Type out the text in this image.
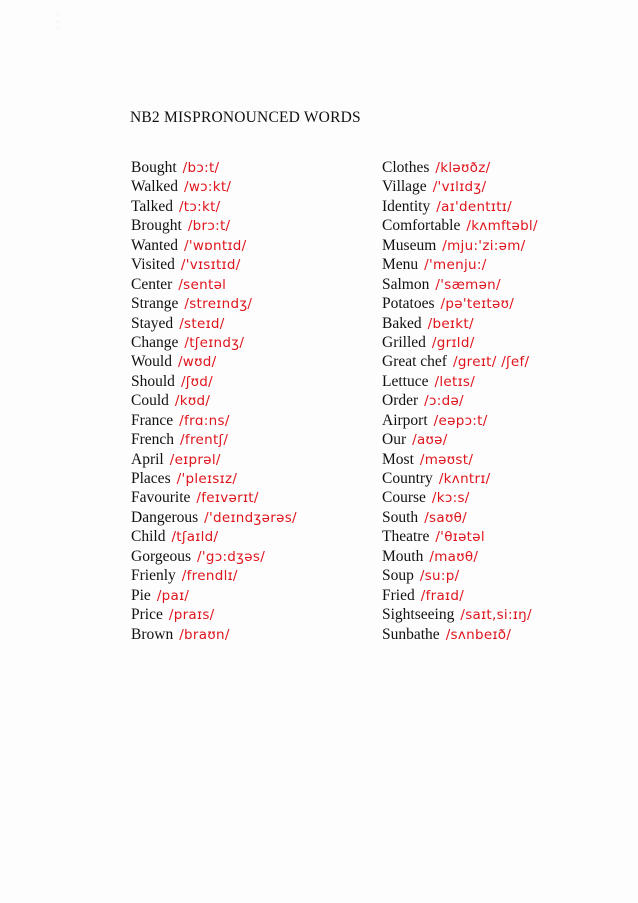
·
·
·
NB2 MISPRONOUNCED WORDS
Bought /bɔ:t/
Walked /wɔ:kt/
Talked /tɔ:kt/
Brought /brɔ:t/
Wanted /'wɒntɪd/
Visited /'vɪsɪtɪd/
Center /sentəl
Strange /streɪndʒ/
Stayed /steɪd/
Change /tʃeɪndʒ/
Would /wʊd/
Should /ʃʊd/
Could /kʊd/
France /frɑ:ns/
French /frentʃ/
April /eɪprəl/
Places /'pleɪsɪz/
Favourite /feɪvərɪt/
Dangerous /'deɪndʒərəs/
Child /tʃaɪld/
Gorgeous /'gɔ:dʒəs/
Frienly /frendlɪ/
Pie /paɪ/
Price /praɪs/
Brown /braʊn/
Clothes /kləʊðz/
Village /'vɪlɪdʒ/
Identity /aɪ'dentɪtɪ/
Comfortable /kʌmftəbl/
Museum /mju:'zi:əm/
Menu /'menju:/
Salmon /'sæmən/
Potatoes /pə'teɪtəʊ/
Baked /beɪkt/
Grilled /grɪld/
Great chef /greɪt/ /ʃef/
Lettuce /letɪs/
Order /ɔ:də/
Airport /eəpɔ:t/
Our /aʊə/
Most /məʊst/
Country /kʌntrɪ/
Course /kɔ:s/
South /saʊθ/
Theatre /'θɪətəl
Mouth /maʊθ/
Soup /su:p/
Fried /fraɪd/
Sightseeing /saɪt,si:ɪŋ/
Sunbathe /sʌnbeɪð/
